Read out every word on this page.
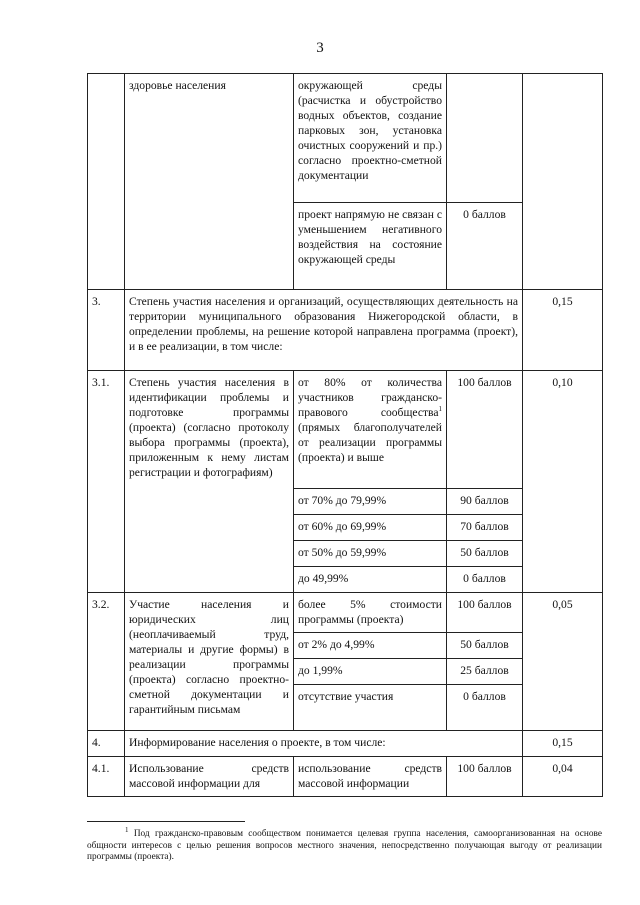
3
	здоровье населения	окружающей среды (расчистка и обустройство водных объектов, создание парковых зон, установка очистных сооружений и пр.) согласно проектно-сметной документации		
		проект напрямую не связан с уменьшением негативного воздействия на состояние окружающей среды	0 баллов	
3.	Степень участия населения и организаций, осуществляющих деятельность на территории муниципального образования Нижегородской области, в определении проблемы, на решение которой направлена программа (проект), и в ее реализации, в том числе:			0,15
3.1.	Степень участия населения в идентификации проблемы и подготовке программы (проекта) (согласно протоколу выбора программы (проекта), приложенным к нему листам регистрации и фотографиям)	от 80% от количества участников гражданско-правового сообщества$^1$ (прямых благополучателей от реализации программы (проекта) и выше	100 баллов	0,10
		от 70% до 79,99%	90 баллов	
		от 60% до 69,99%	70 баллов	
		от 50% до 59,99%	50 баллов	
		до 49,99%	0 баллов	
3.2.	Участие населения и юридических лиц (неоплачиваемый труд, материалы и другие формы) в реализации программы (проекта) согласно проектно-сметной документации и гарантийным письмам	более 5% стоимости программы (проекта)	100 баллов	0,05
		от 2% до 4,99%	50 баллов	
		до 1,99%	25 баллов	
		отсутствие участия	0 баллов	
4.	Информирование населения о проекте, в том числе:			0,15
4.1.	Использование средств массовой информации для	использование средств массовой информации	100 баллов	0,04
$^1$ Под гражданско-правовым сообществом понимается целевая группа населения, самоорганизованная на основе общности интересов с целью решения вопросов местного значения, непосредственно получающая выгоду от реализации программы (проекта).
